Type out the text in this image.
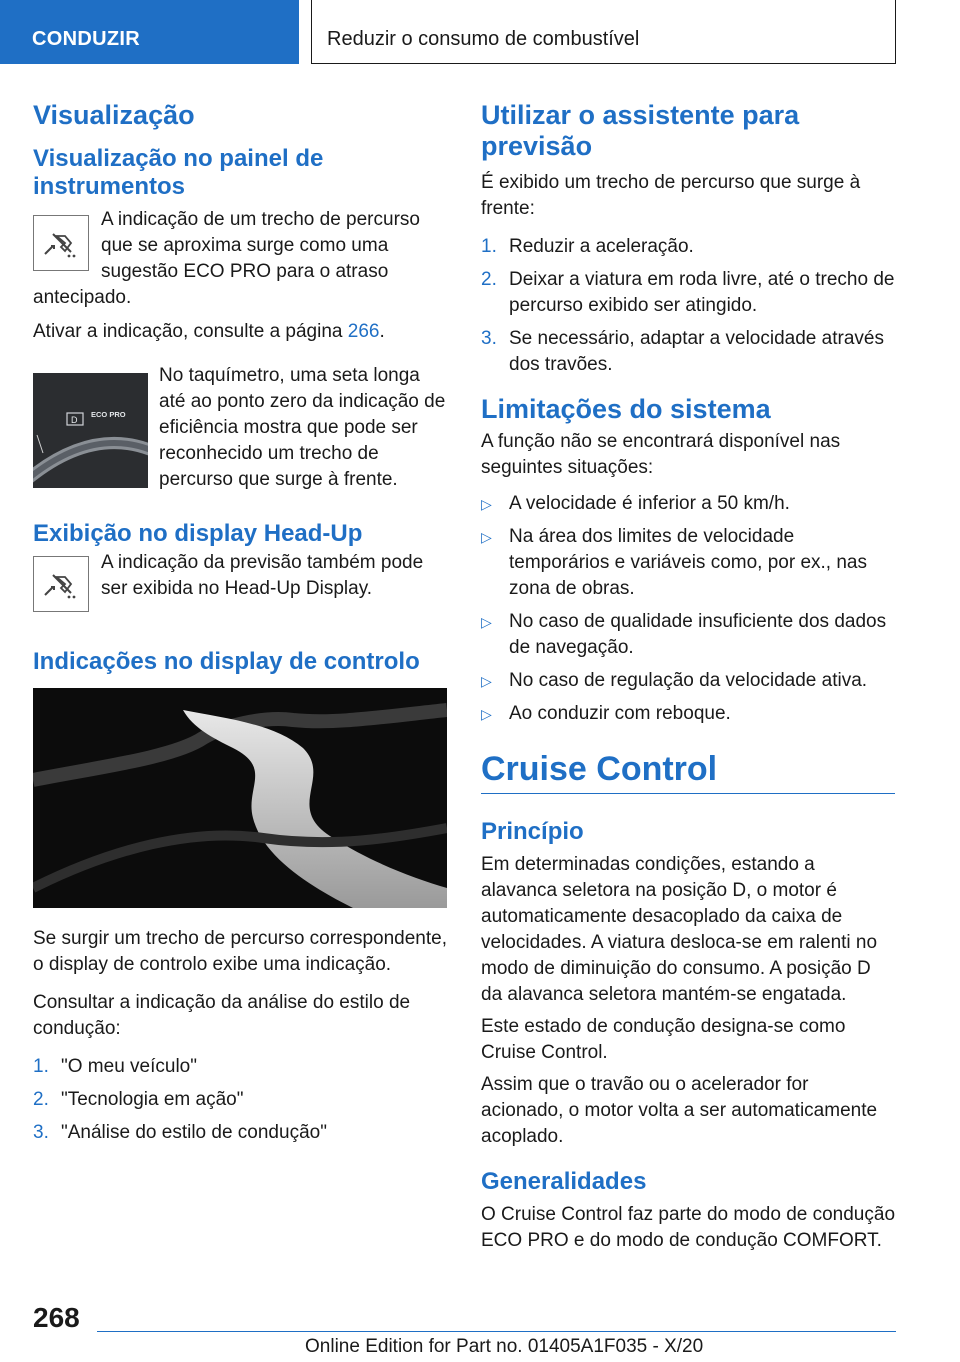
CONDUZIR	Reduzir o consumo de combustível
Visualização
Visualização no painel de instrumentos

A indicação de um trecho de percurso que se aproxima surge como uma sugestão ECO PRO para o atraso antecipado.

Ativar a indicação, consulte a página 266.

D
ECO PRO

No taquímetro, uma seta longa até ao ponto zero da indicação de eficiência mostra que pode ser reconhecido um trecho de percurso que surge à frente.

Exibição no display Head-Up

A indicação da previsão também pode ser exibida no Head-Up Display.

Indicações no display de controlo

Se surgir um trecho de percurso correspondente, o display de controlo exibe uma indicação.

Consultar a indicação da análise do estilo de condução:

1. "O meu veículo"
2. "Tecnologia em ação"
3. "Análise do estilo de condução"
Utilizar o assistente para previsão

É exibido um trecho de percurso que surge à frente:

1. Reduzir a aceleração.
2. Deixar a viatura em roda livre, até o trecho de percurso exibido ser atingido.
3. Se necessário, adaptar a velocidade através dos travões.
Limitações do sistema

A função não se encontrará disponível nas seguintes situações:

▷ A velocidade é inferior a 50 km/h.
▷ Na área dos limites de velocidade temporários e variáveis como, por ex., nas zona de obras.
▷ No caso de qualidade insuficiente dos dados de navegação.
▷ No caso de regulação da velocidade ativa.
▷ Ao conduzir com reboque.
Cruise Control
Princípio

Em determinadas condições, estando a alavanca seletora na posição D, o motor é automaticamente desacoplado da caixa de velocidades. A viatura desloca-se em ralenti no modo de diminuição do consumo. A posição D da alavanca seletora mantém-se engatada.

Este estado de condução designa-se como Cruise Control.

Assim que o travão ou o acelerador for acionado, o motor volta a ser automaticamente acoplado.

Generalidades

O Cruise Control faz parte do modo de condução ECO PRO e do modo de condução COMFORT.

268
Online Edition for Part no. 01405A1F035 - X/20
